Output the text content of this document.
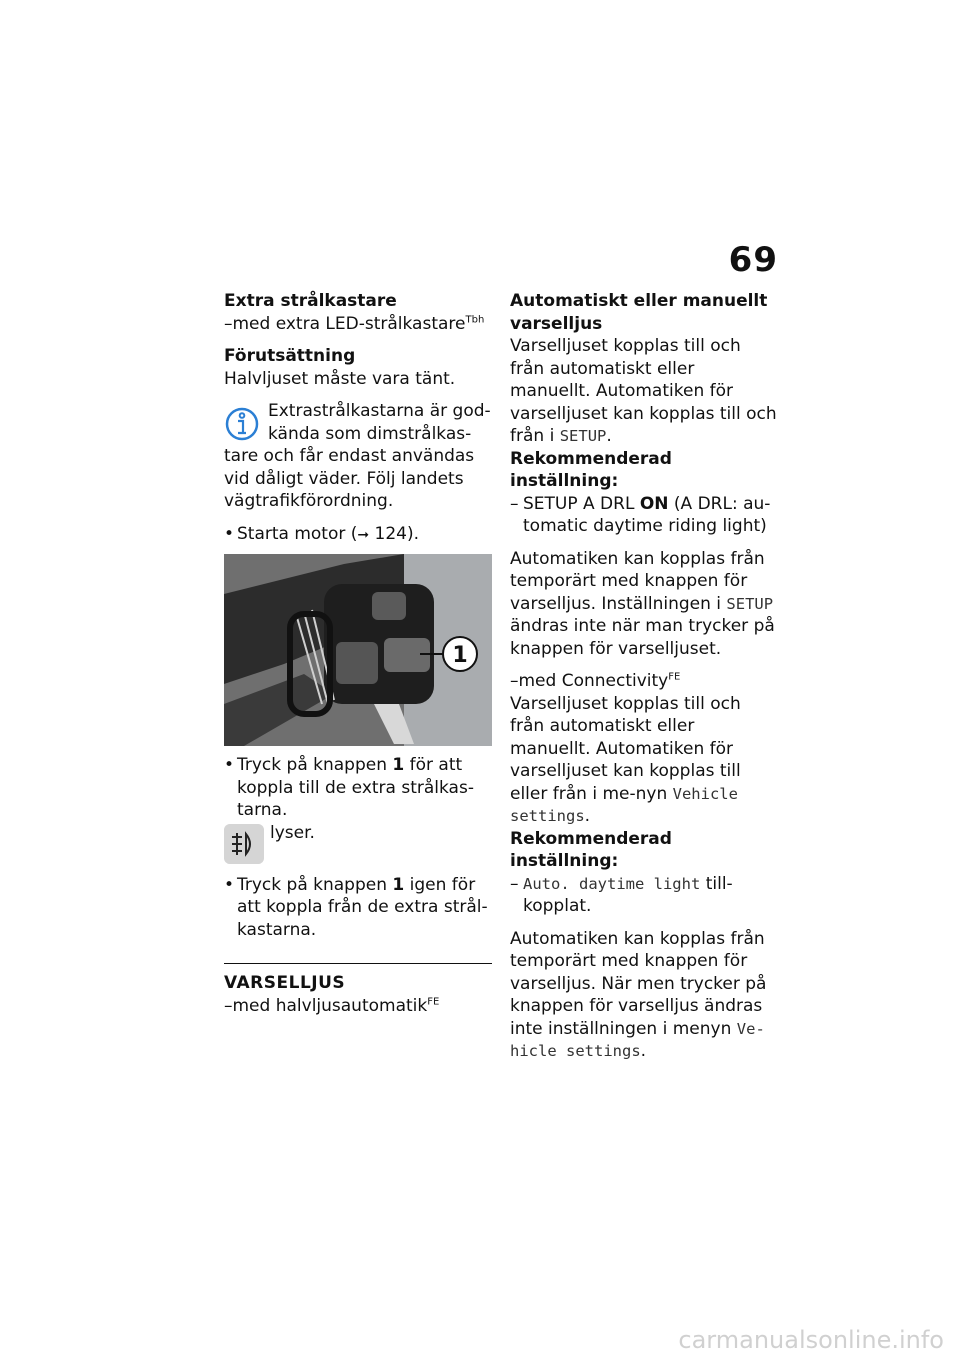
69
Extra strålkastare
–med extra LED-strålkastare$^{Tbh}$
Förutsättning
Halvljuset måste vara tänt.
Extrastrålkastarna är god-kända som dimstrålkas-tare och får endast användas vid dåligt väder. Följ landets vägtrafikförordning.
• Starta motor (➞ 124).
1
• Tryck på knappen 1 för att koppla till de extra strålkas-tarna.
lyser.
• Tryck på knappen 1 igen för att koppla från de extra strål-kastarna.
VARSELLJUS
–med halvljusautomatik$^{FE}$
Automatiskt eller manuellt varselljus
Varselljuset kopplas till och från automatiskt eller manuellt. Automatiken för varselljuset kan kopplas till och från i SETUP.
Rekommenderad inställning:
– SETUP A DRL ON (A DRL: au-tomatic daytime riding light)
Automatiken kan kopplas från temporärt med knappen för varselljus. Inställningen i SETUP ändras inte när man trycker på knappen för varselljuset.
–med Connectivity$^{FE}$
Varselljuset kopplas till och från automatiskt eller manuellt. Automatiken för varselljuset kan kopplas till eller från i me-nyn Vehicle settings.
Rekommenderad inställning:
– Auto. daytime light till-kopplat.
Automatiken kan kopplas från temporärt med knappen för varselljus. När men trycker på knappen för varselljus ändras inte inställningen i menyn Ve-hicle settings.
carmanualsonline.info
